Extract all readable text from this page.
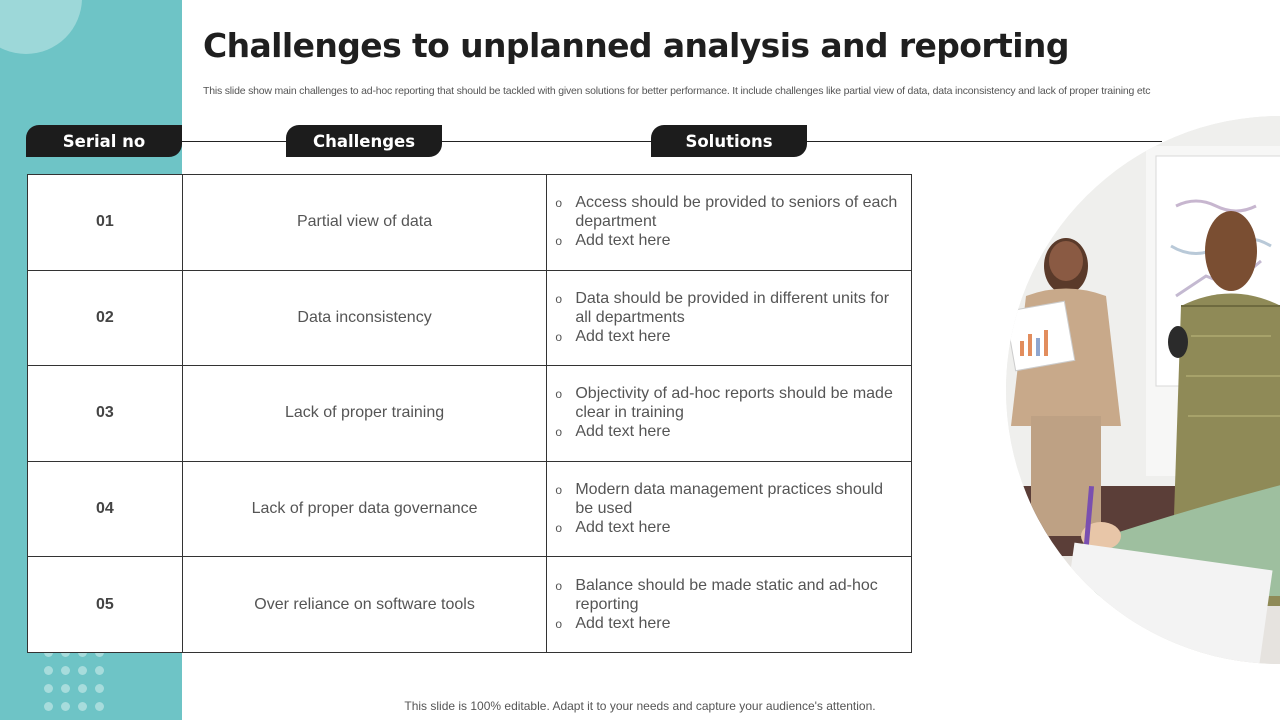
Challenges to unplanned analysis and reporting

This slide show main challenges to ad-hoc reporting that should be tackled with given solutions for better performance. It include challenges like partial view of data, data inconsistency and lack of proper training etc

Serial no	Challenges	Solutions
01	Partial view of data	o Access should be provided to seniors of each department
o Add text here

02	Data inconsistency	o Data should be provided in different units for all departments
o Add text here

03	Lack of proper training	o Objectivity of ad-hoc reports should be made clear in training
o Add text here

04	Lack of proper data governance	o Modern data management practices should be used
o Add text here

05	Over reliance on software tools	o Balance should be made static and ad-hoc reporting
o Add text here
This slide is 100% editable. Adapt it to your needs and capture your audience's attention.
